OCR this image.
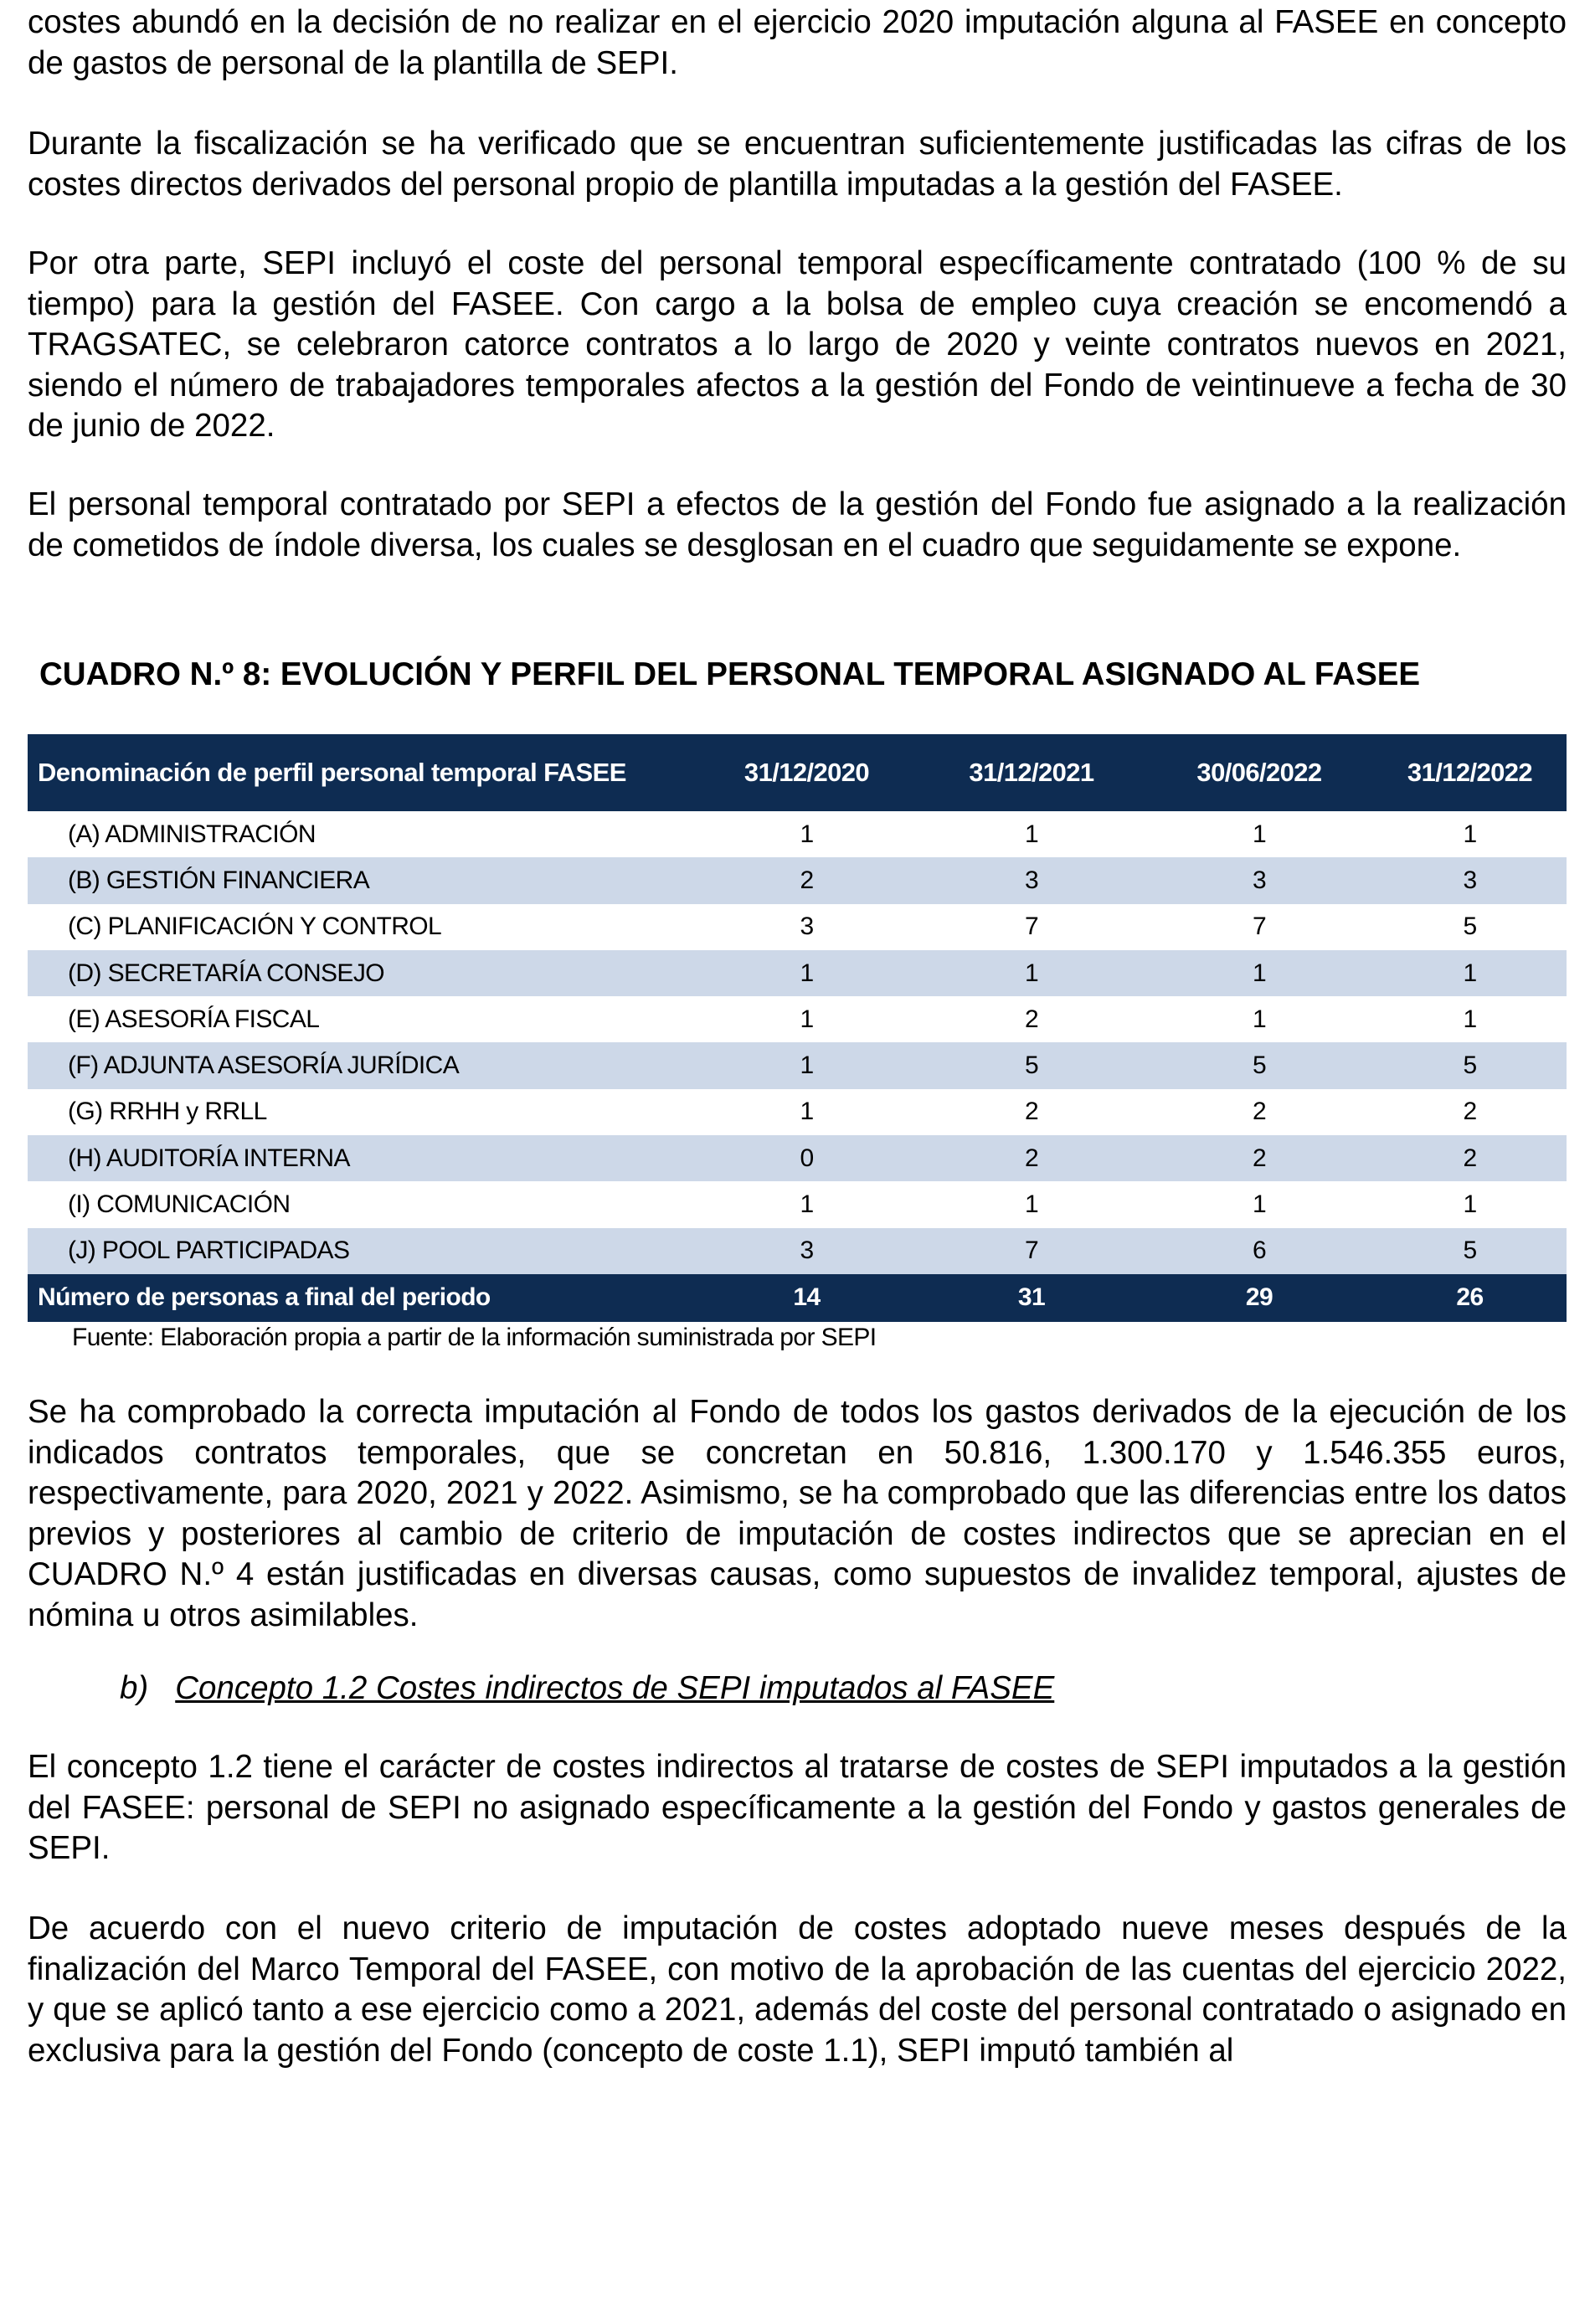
costes abundó en la decisión de no realizar en el ejercicio 2020 imputación alguna al FASEE en concepto de gastos de personal de la plantilla de SEPI.

Durante la fiscalización se ha verificado que se encuentran suficientemente justificadas las cifras de los costes directos derivados del personal propio de plantilla imputadas a la gestión del FASEE.

Por otra parte, SEPI incluyó el coste del personal temporal específicamente contratado (100 % de su tiempo) para la gestión del FASEE. Con cargo a la bolsa de empleo cuya creación se encomendó a TRAGSATEC, se celebraron catorce contratos a lo largo de 2020 y veinte contratos nuevos en 2021, siendo el número de trabajadores temporales afectos a la gestión del Fondo de veintinueve a fecha de 30 de junio de 2022.

El personal temporal contratado por SEPI a efectos de la gestión del Fondo fue asignado a la realización de cometidos de índole diversa, los cuales se desglosan en el cuadro que seguidamente se expone.

CUADRO N.º 8: EVOLUCIÓN Y PERFIL DEL PERSONAL TEMPORAL ASIGNADO AL FASEE
Denominación de perfil personal temporal FASEE	31/12/2020	31/12/2021	30/06/2022	31/12/2022
(A) ADMINISTRACIÓN	1	1	1	1
(B) GESTIÓN FINANCIERA	2	3	3	3
(C) PLANIFICACIÓN Y CONTROL	3	7	7	5
(D) SECRETARÍA CONSEJO	1	1	1	1
(E) ASESORÍA FISCAL	1	2	1	1
(F) ADJUNTA ASESORÍA JURÍDICA	1	5	5	5
(G) RRHH y RRLL	1	2	2	2
(H) AUDITORÍA INTERNA	0	2	2	2
(I) COMUNICACIÓN	1	1	1	1
(J) POOL PARTICIPADAS	3	7	6	5
Número de personas a final del periodo	14	31	29	26
Fuente: Elaboración propia a partir de la información suministrada por SEPI

Se ha comprobado la correcta imputación al Fondo de todos los gastos derivados de la ejecución de los indicados contratos temporales, que se concretan en 50.816, 1.300.170 y 1.546.355 euros, respectivamente, para 2020, 2021 y 2022. Asimismo, se ha comprobado que las diferencias entre los datos previos y posteriores al cambio de criterio de imputación de costes indirectos que se aprecian en el CUADRO N.º 4 están justificadas en diversas causas, como supuestos de invalidez temporal, ajustes de nómina u otros asimilables.

b) Concepto 1.2 Costes indirectos de SEPI imputados al FASEE

El concepto 1.2 tiene el carácter de costes indirectos al tratarse de costes de SEPI imputados a la gestión del FASEE: personal de SEPI no asignado específicamente a la gestión del Fondo y gastos generales de SEPI.

De acuerdo con el nuevo criterio de imputación de costes adoptado nueve meses después de la finalización del Marco Temporal del FASEE, con motivo de la aprobación de las cuentas del ejercicio 2022, y que se aplicó tanto a ese ejercicio como a 2021, además del coste del personal contratado o asignado en exclusiva para la gestión del Fondo (concepto de coste 1.1), SEPI imputó también al
